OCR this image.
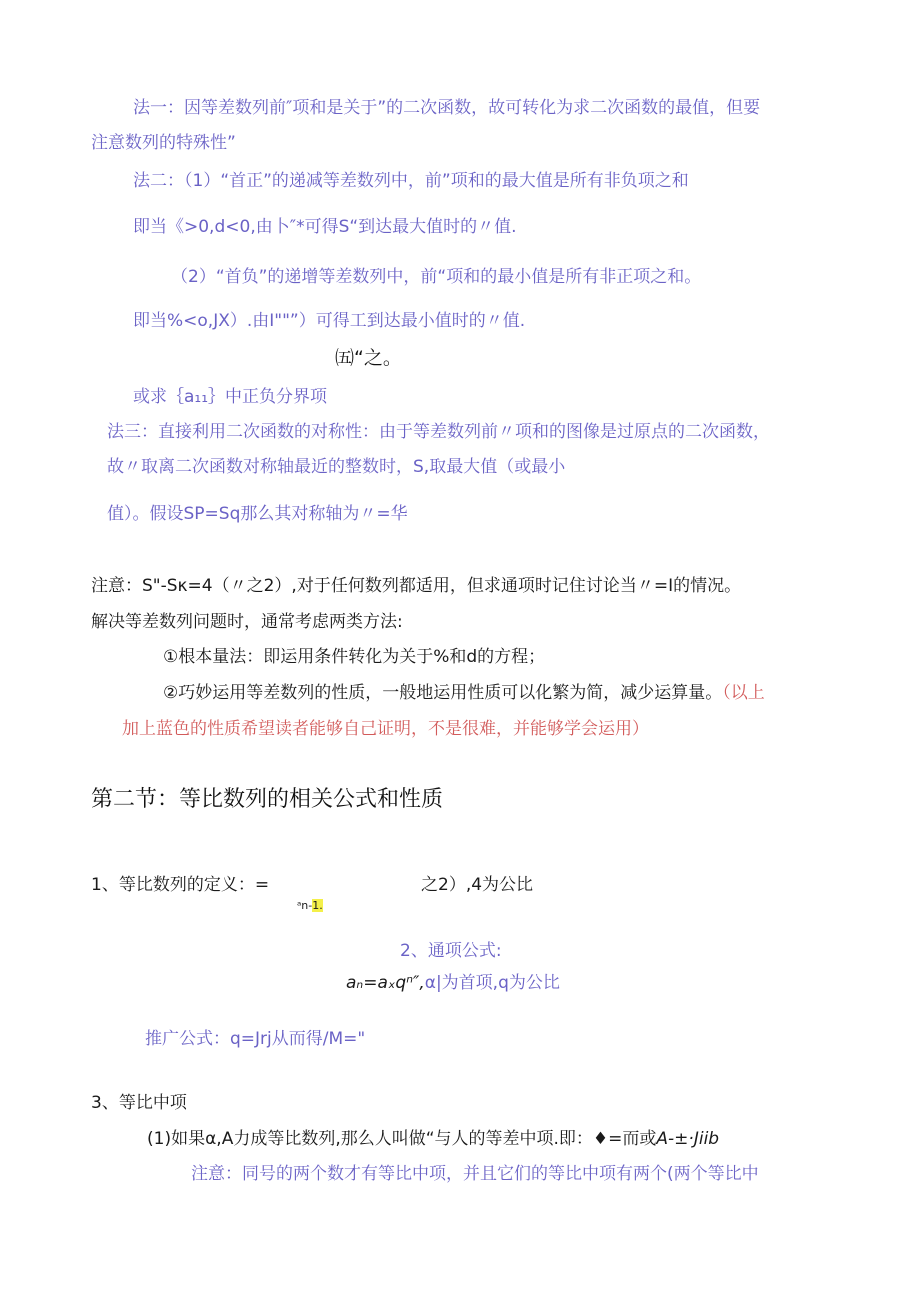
法一：因等差数列前″项和是关于”的二次函数，故可转化为求二次函数的最值，但要
注意数列的特殊性”
法二：（1）“首正”的递减等差数列中，前”项和的最大值是所有非负项之和
即当《>0,d<0,由卜″*可得S“到达最大值时的〃值.
（2）“首负”的递增等差数列中，前“项和的最小值是所有非正项之和。
即当%<o,JX）.由I""”）可得工到达最小值时的〃值.
㈤“之。
或求｛a₁₁｝中正负分界项
法三：直接利用二次函数的对称性：由于等差数列前〃项和的图像是过原点的二次函数，
故〃取离二次函数对称轴最近的整数时，S,取最大值（或最小
值）。假设SP=Sq那么其对称轴为〃=华
注意：S"-Sκ=4（〃之2）,对于任何数列都适用，但求通项时记住讨论当〃=I的情况。
解决等差数列问题时，通常考虑两类方法:
①根本量法：即运用条件转化为关于%和d的方程；
②巧妙运用等差数列的性质，一般地运用性质可以化繁为简，减少运算量。（以上
加上蓝色的性质希望读者能够自己证明，不是很难，并能够学会运用）
第二节：等比数列的相关公式和性质
1、等比数列的定义：=	之2）,4为公比
ᵃn-1.
2、通项公式:
aₙ=aₓqⁿ″,α|为首项,q为公比
推广公式：q=Jrj从而得/M="
3、等比中项
(1)如果α,A力成等比数列,那么人叫做“与人的等差中项.即：♦=而或A-±·Jiib
注意：同号的两个数才有等比中项，并且它们的等比中项有两个(两个等比中
